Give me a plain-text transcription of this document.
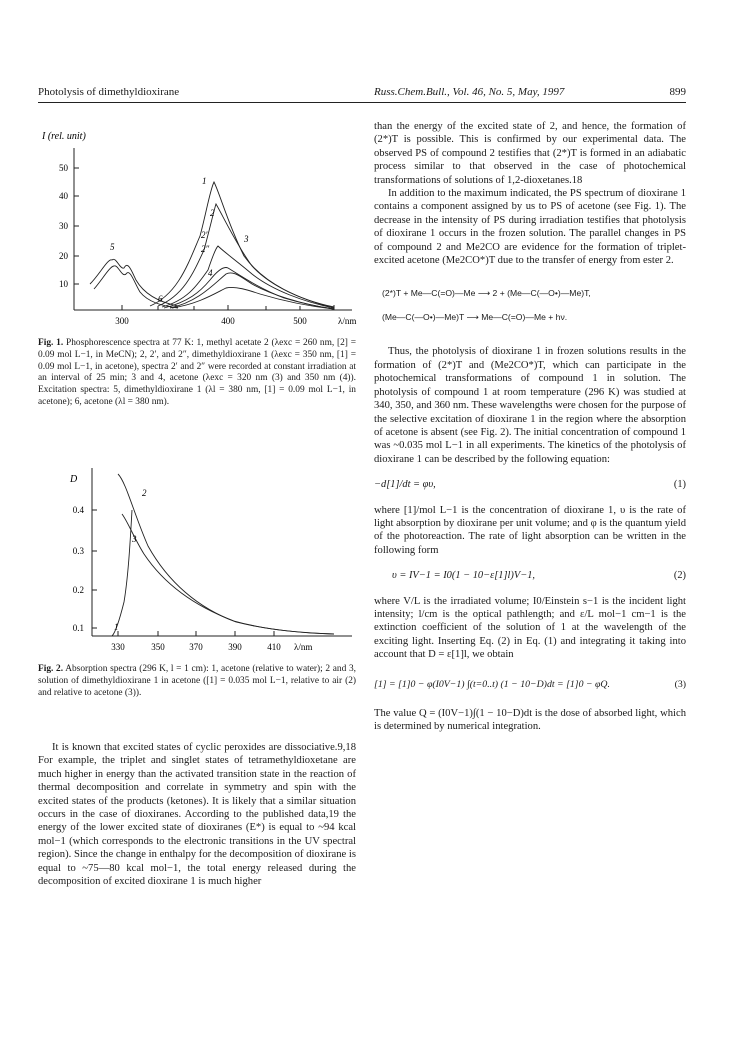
Photolysis of dimethyldioxirane	Russ.Chem.Bull., Vol. 46, No. 5, May, 1997	899
I (rel. unit)
50
40
30
20
10
300	400	500	λ/nm
1
2
2′
2″
3
4
5
6
Fig. 1. Phosphorescence spectra at 77 K: 1, methyl acetate 2 (λexc = 260 nm, [2] = 0.09 mol L−1, in MeCN); 2, 2′, and 2″, dimethyldioxirane 1 (λexc = 350 nm, [1] = 0.09 mol L−1, in acetone), spectra 2′ and 2″ were recorded at constant irradiation at an interval of 25 min; 3 and 4, acetone (λexc = 320 nm (3) and 350 nm (4)). Excitation spectra: 5, dimethyldioxirane 1 (λl = 380 nm, [1] = 0.09 mol L−1, in acetone); 6, acetone (λl = 380 nm).
D
0.4
0.3
0.2
0.1
330	350	370	390	410 λ/nm
1
2
3
Fig. 2. Absorption spectra (296 K, l = 1 cm): 1, acetone (relative to water); 2 and 3, solution of dimethyldioxirane 1 in acetone ([1] = 0.035 mol L−1, relative to air (2) and relative to acetone (3)).

It is known that excited states of cyclic peroxides are dissociative.9,18 For example, the triplet and singlet states of tetramethyldioxetane are much higher in energy than the activated transition state in the reaction of thermal decomposition and correlate in symmetry and spin with the excited states of the products (ketones). It is likely that a similar situation occurs in the case of dioxiranes. According to the published data,19 the energy of the lower excited state of dioxiranes (E*) is equal to ~94 kcal mol−1 (which corresponds to the electronic transitions in the UV spectral region). Since the change in enthalpy for the decomposition of dioxirane is equal to ~75—80 kcal mol−1, the total energy released during the decomposition of excited dioxirane 1 is much higher

than the energy of the excited state of 2, and hence, the formation of (2*)T is possible. This is confirmed by our experimental data. The observed PS of compound 2 testifies that (2*)T is formed in an adiabatic process similar to that observed in the case of photochemical transformations of solutions of 1,2-dioxetanes.18

In addition to the maximum indicated, the PS spectrum of dioxirane 1 contains a component assigned by us to PS of acetone (see Fig. 1). The decrease in the intensity of PS during irradiation testifies that photolysis of dioxirane 1 occurs in the frozen solution. The parallel changes in PS of compound 2 and Me2CO are evidence for the formation of triplet-excited acetone (Me2CO*)T due to the transfer of energy from ester 2.

(2*)T + Me—C(=O)—Me ⟶ 2 + (Me—C(—O•)—Me)T,
(Me—C(—O•)—Me)T ⟶ Me—C(=O)—Me + hν.

Thus, the photolysis of dioxirane 1 in frozen solutions results in the formation of (2*)T and (Me2CO*)T, which can participate in the photochemical transformations of compound 1 in solution. The photolysis of compound 1 at room temperature (296 K) was studied at 340, 350, and 360 nm. These wavelengths were chosen for the purpose of the selective excitation of dioxirane 1 in the region where the absorption of acetone is absent (see Fig. 2). The initial concentration of compound 1 was ~0.035 mol L−1 in all experiments. The kinetics of the photolysis of dioxirane 1 can be described by the following equation:

−d[1]/dt = φυ,	(1)

where [1]/mol L−1 is the concentration of dioxirane 1, υ is the rate of light absorption by dioxirane per unit volume; and φ is the quantum yield of the photoreaction. The rate of light absorption can be written in the following form

υ = IV−1 = I0(1 − 10−ε[1]l)V−1,	(2)

where V/L is the irradiated volume; I0/Einstein s−1 is the incident light intensity; l/cm is the optical pathlength; and ε/L mol−1 cm−1 is the extinction coefficient of the solution of 1 at the wavelength of the exciting light. Inserting Eq. (2) in Eq. (1) and integrating it taking into account that D = ε[1]l, we obtain

[1] = [1]0 − φ(I0V−1) ∫(t=0..t) (1 − 10−D)dt = [1]0 − φQ.	(3)

The value Q = (I0V−1)∫(1 − 10−D)dt is the dose of absorbed light, which is determined by numerical integration.
